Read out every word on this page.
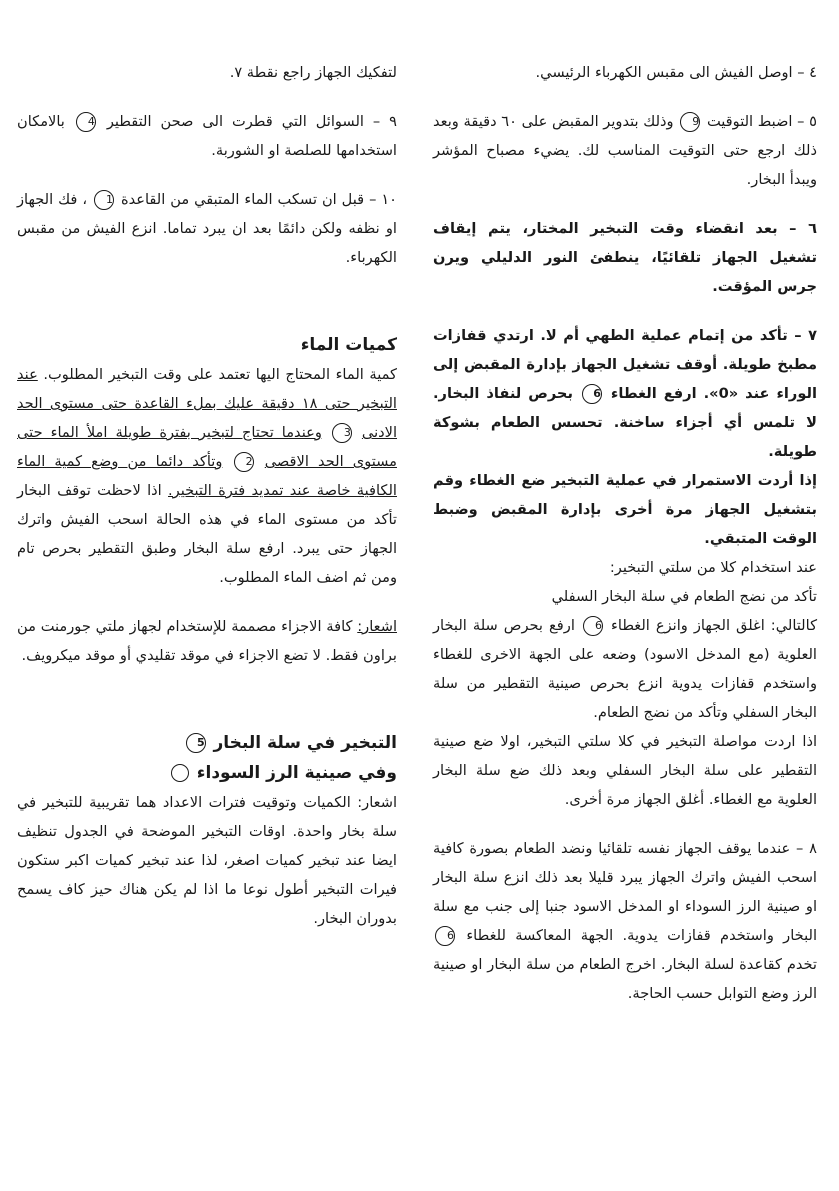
٤ – اوصل الفيش الى مقبس الكهرباء الرئيسي.

٥ – اضبط التوقيت 9 وذلك بتدوير المقبض على ٦٠ دقيقة وبعد ذلك ارجع حتى التوقيت المناسب لك. يضيء مصباح المؤشر ويبدأ البخار.

٦ – بعد انقضاء وقت التبخير المختار، يتم إيقاف تشغيل الجهاز تلقائيًا، ينطفئ النور الدليلي ويرن جرس المؤقت.

٧ – تأكد من إتمام عملية الطهي أم لا. ارتدي قفازات مطبخ طويلة. أوقف تشغيل الجهاز بإدارة المقبض إلى الوراء عند «0». ارفع الغطاء 6 بحرص لنفاذ البخار. لا تلمس أي أجزاء ساخنة. تحسس الطعام بشوكة طويلة.

إذا أردت الاستمرار في عملية التبخير ضع الغطاء وقم بتشغيل الجهاز مرة أخرى بإدارة المقبض وضبط الوقت المتبقي.

عند استخدام كلا من سلتي التبخير:

تأكد من نضج الطعام في سلة البخار السفلي

كالتالي: اغلق الجهاز وانزع الغطاء 6 ارفع بحرص سلة البخار العلوية (مع المدخل الاسود) وضعه على الجهة الاخرى للغطاء واستخدم قفازات يدوية انزع بحرص صينية التقطير من سلة البخار السفلي وتأكد من نضج الطعام.

اذا اردت مواصلة التبخير في كلا سلتي التبخير، اولا ضع صينية التقطير على سلة البخار السفلي وبعد ذلك ضع سلة البخار العلوية مع الغطاء. أغلق الجهاز مرة أخرى.

٨ – عندما يوقف الجهاز نفسه تلقائيا ونضد الطعام بصورة كافية اسحب الفيش واترك الجهاز يبرد قليلا بعد ذلك انزع سلة البخار او صينية الرز السوداء او المدخل الاسود جنبا إلى جنب مع سلة البخار واستخدم قفازات يدوية. الجهة المعاكسة للغطاء 6 تخدم كقاعدة لسلة البخار. اخرج الطعام من سلة البخار او صينية الرز وضع التوابل حسب الحاجة.

لتفكيك الجهاز راجع نقطة ٧.

٩ – السوائل التي قطرت الى صحن التقطير 4 بالامكان استخدامها للصلصة او الشوربة.

١٠ – قبل ان تسكب الماء المتبقي من القاعدة 1 ، فك الجهاز او نظفه ولكن دائمًا بعد ان يبرد تماما. انزع الفيش من مقبس الكهرباء.

كميات الماء

كمية الماء المحتاج اليها تعتمد على وقت التبخير المطلوب. عند التبخير حتى ١٨ دقيقة عليك بملء القاعدة حتى مستوى الحد الادنى 3 وعندما تحتاج لتبخير بفترة طويلة املأ الماء حتى مستوى الحد الاقصى 2 وتأكد دائما من وضع كمية الماء الكافية خاصة عند تمديد فترة التبخير. اذا لاحظت توقف البخار تأكد من مستوى الماء في هذه الحالة اسحب الفيش واترك الجهاز حتى يبرد. ارفع سلة البخار وطبق التقطير بحرص تام ومن ثم اضف الماء المطلوب.

اشعار: كافة الاجزاء مصممة للإستخدام لجهاز ملتي جورمنت من براون فقط. لا تضع الاجزاء في موقد تقليدي أو موقد ميكرويف.

التبخير في سلة البخار 5

وفي صينية الرز السوداء

اشعار: الكميات وتوقيت فترات الاعداد هما تقريبية للتبخير في سلة بخار واحدة. اوقات التبخير الموضحة في الجدول تنظيف ايضا عند تبخير كميات اصغر، لذا عند تبخير كميات اكبر ستكون فيرات التبخير أطول نوعا ما اذا لم يكن هناك حيز كاف يسمح بدوران البخار.
